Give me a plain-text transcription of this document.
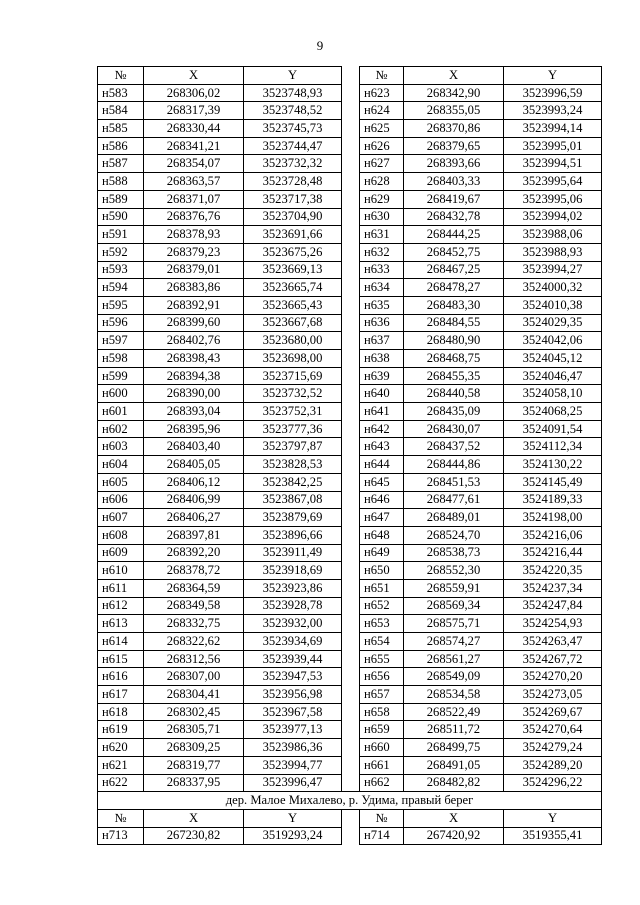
9
№	X	Y		№	X	Y
н583	268306,02	3523748,93		н623	268342,90	3523996,59
н584	268317,39	3523748,52		н624	268355,05	3523993,24
н585	268330,44	3523745,73		н625	268370,86	3523994,14
н586	268341,21	3523744,47		н626	268379,65	3523995,01
н587	268354,07	3523732,32		н627	268393,66	3523994,51
н588	268363,57	3523728,48		н628	268403,33	3523995,64
н589	268371,07	3523717,38		н629	268419,67	3523995,06
н590	268376,76	3523704,90		н630	268432,78	3523994,02
н591	268378,93	3523691,66		н631	268444,25	3523988,06
н592	268379,23	3523675,26		н632	268452,75	3523988,93
н593	268379,01	3523669,13		н633	268467,25	3523994,27
н594	268383,86	3523665,74		н634	268478,27	3524000,32
н595	268392,91	3523665,43		н635	268483,30	3524010,38
н596	268399,60	3523667,68		н636	268484,55	3524029,35
н597	268402,76	3523680,00		н637	268480,90	3524042,06
н598	268398,43	3523698,00		н638	268468,75	3524045,12
н599	268394,38	3523715,69		н639	268455,35	3524046,47
н600	268390,00	3523732,52		н640	268440,58	3524058,10
н601	268393,04	3523752,31		н641	268435,09	3524068,25
н602	268395,96	3523777,36		н642	268430,07	3524091,54
н603	268403,40	3523797,87		н643	268437,52	3524112,34
н604	268405,05	3523828,53		н644	268444,86	3524130,22
н605	268406,12	3523842,25		н645	268451,53	3524145,49
н606	268406,99	3523867,08		н646	268477,61	3524189,33
н607	268406,27	3523879,69		н647	268489,01	3524198,00
н608	268397,81	3523896,66		н648	268524,70	3524216,06
н609	268392,20	3523911,49		н649	268538,73	3524216,44
н610	268378,72	3523918,69		н650	268552,30	3524220,35
н611	268364,59	3523923,86		н651	268559,91	3524237,34
н612	268349,58	3523928,78		н652	268569,34	3524247,84
н613	268332,75	3523932,00		н653	268575,71	3524254,93
н614	268322,62	3523934,69		н654	268574,27	3524263,47
н615	268312,56	3523939,44		н655	268561,27	3524267,72
н616	268307,00	3523947,53		н656	268549,09	3524270,20
н617	268304,41	3523956,98		н657	268534,58	3524273,05
н618	268302,45	3523967,58		н658	268522,49	3524269,67
н619	268305,71	3523977,13		н659	268511,72	3524270,64
н620	268309,25	3523986,36		н660	268499,75	3524279,24
н621	268319,77	3523994,77		н661	268491,05	3524289,20
н622	268337,95	3523996,47		н662	268482,82	3524296,22
дер. Малое Михалево, р. Удима, правый берег						
№	X	Y		№	X	Y
н713	267230,82	3519293,24		н714	267420,92	3519355,41
